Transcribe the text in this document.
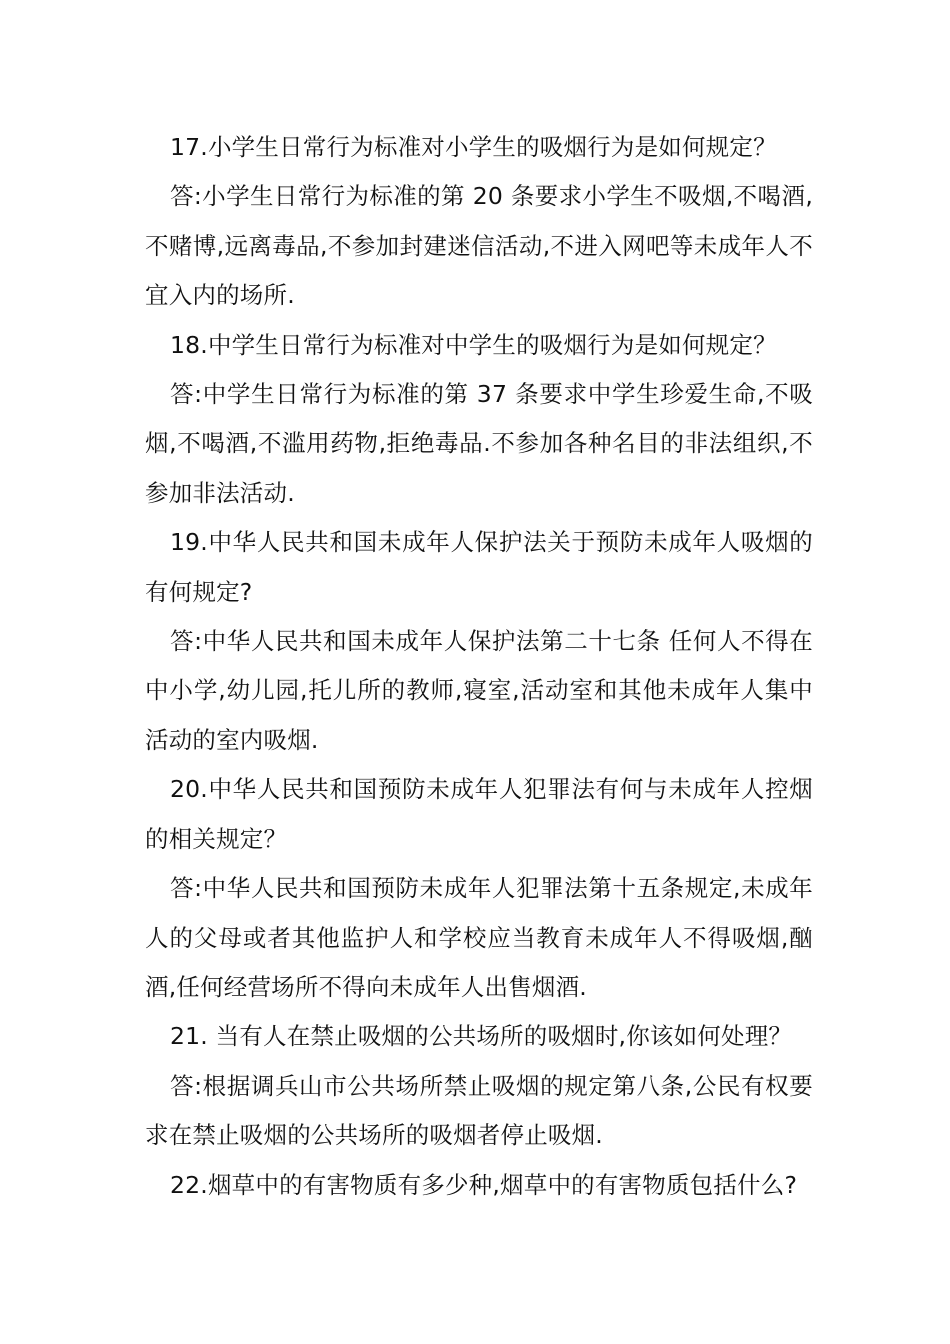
17.小学生日常行为标准对小学生的吸烟行为是如何规定？

答:小学生日常行为标准的第 20 条要求小学生不吸烟,不喝酒,不赌博,远离毒品,不参加封建迷信活动,不进入网吧等未成年人不宜入内的场所.

18.中学生日常行为标准对中学生的吸烟行为是如何规定？

答:中学生日常行为标准的第 37 条要求中学生珍爱生命,不吸烟,不喝酒,不滥用药物,拒绝毒品.不参加各种名目的非法组织,不参加非法活动.

19.中华人民共和国未成年人保护法关于预防未成年人吸烟的有何规定?

答:中华人民共和国未成年人保护法第二十七条 任何人不得在中小学,幼儿园,托儿所的教师,寝室,活动室和其他未成年人集中活动的室内吸烟.

20.中华人民共和国预防未成年人犯罪法有何与未成年人控烟的相关规定？

答:中华人民共和国预防未成年人犯罪法第十五条规定,未成年人的父母或者其他监护人和学校应当教育未成年人不得吸烟,酗酒,任何经营场所不得向未成年人出售烟酒.

21. 当有人在禁止吸烟的公共场所的吸烟时,你该如何处理？

答:根据调兵山市公共场所禁止吸烟的规定第八条,公民有权要求在禁止吸烟的公共场所的吸烟者停止吸烟.

22.烟草中的有害物质有多少种,烟草中的有害物质包括什么?
